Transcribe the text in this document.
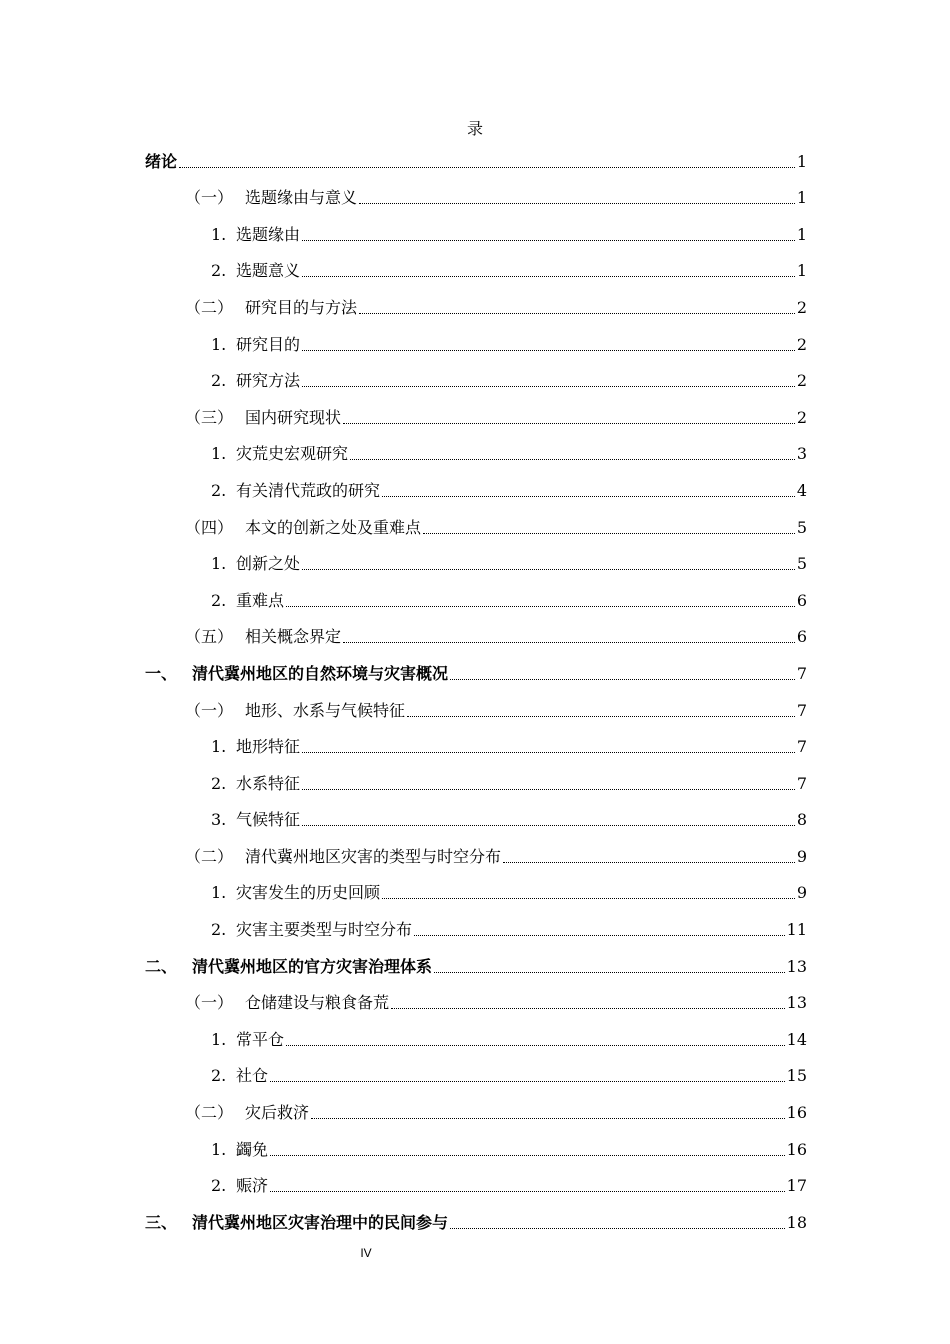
录
绪论	1
（一） 选题缘由与意义	1
1. 选题缘由	1
2. 选题意义	1
（二） 研究目的与方法	2
1. 研究目的	2
2. 研究方法	2
（三） 国内研究现状	2
1. 灾荒史宏观研究	3
2. 有关清代荒政的研究	4
（四） 本文的创新之处及重难点	5
1. 创新之处	5
2. 重难点	6
（五） 相关概念界定	6
一、 清代冀州地区的自然环境与灾害概况	7
（一） 地形、水系与气候特征	7
1. 地形特征	7
2. 水系特征	7
3. 气候特征	8
（二） 清代冀州地区灾害的类型与时空分布	9
1. 灾害发生的历史回顾	9
2. 灾害主要类型与时空分布	11
二、 清代冀州地区的官方灾害治理体系	13
（一） 仓储建设与粮食备荒	13
1. 常平仓	14
2. 社仓	15
（二） 灾后救济	16
1. 蠲免	16
2. 赈济	17
三、 清代冀州地区灾害治理中的民间参与	18
IV
